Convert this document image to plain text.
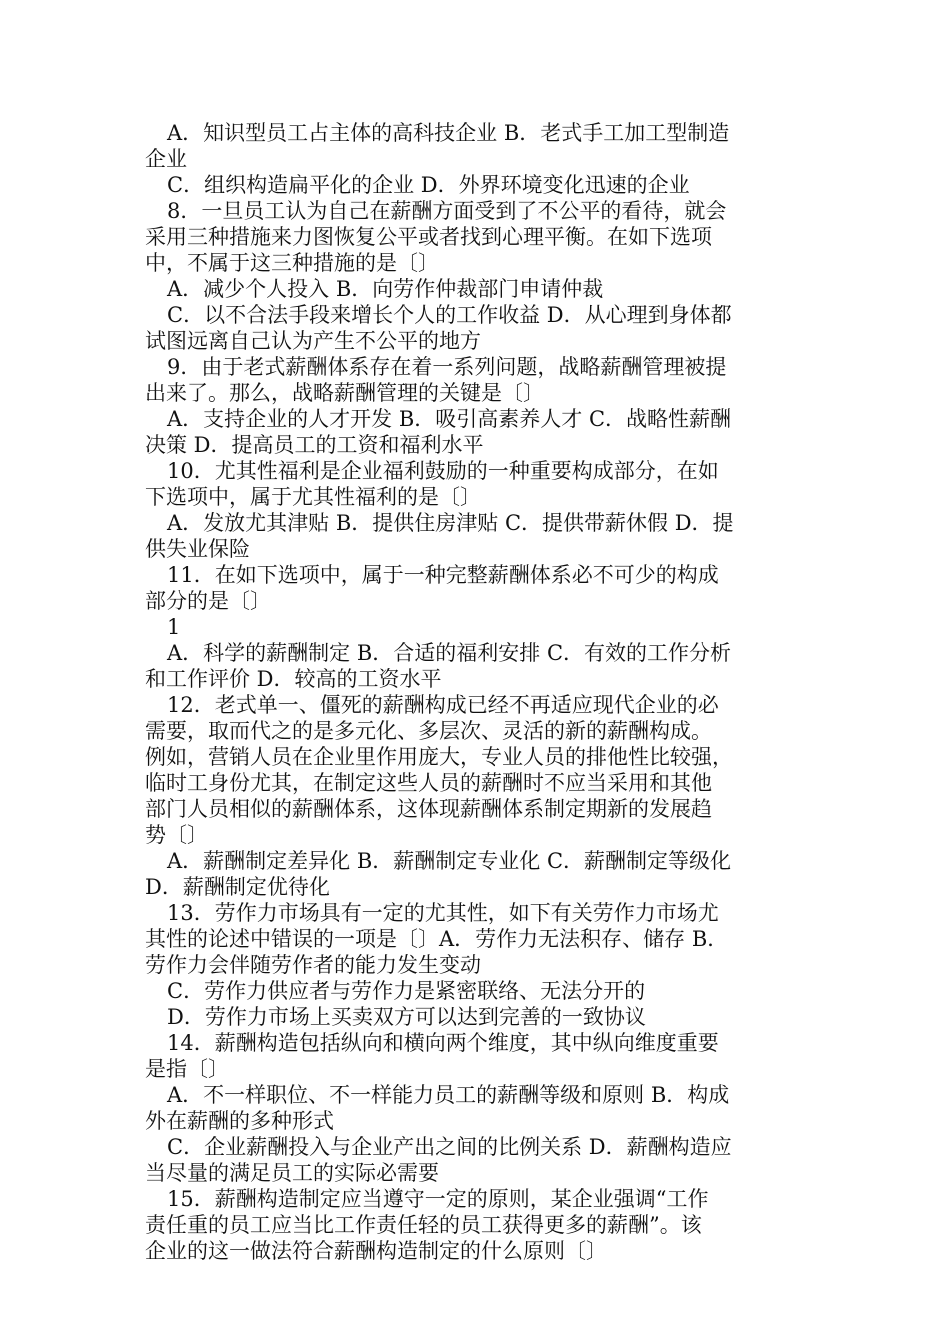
A．知识型员工占主体的高科技企业 B．老式手工加工型制造
企业
C．组织构造扁平化的企业 D．外界环境变化迅速的企业
8．一旦员工认为自己在薪酬方面受到了不公平的看待，就会
采用三种措施来力图恢复公平或者找到心理平衡。在如下选项
中，不属于这三种措施的是〔〕
A．减少个人投入 B．向劳作仲裁部门申请仲裁
C．以不合法手段来增长个人的工作收益 D．从心理到身体都
试图远离自己认为产生不公平的地方
9．由于老式薪酬体系存在着一系列问题，战略薪酬管理被提
出来了。那么，战略薪酬管理的关键是〔〕
A．支持企业的人才开发 B．吸引高素养人才 C．战略性薪酬
决策 D．提高员工的工资和福利水平
10．尤其性福利是企业福利鼓励的一种重要构成部分，在如
下选项中，属于尤其性福利的是〔〕
A．发放尤其津贴 B．提供住房津贴 C．提供带薪休假 D．提
供失业保险
11．在如下选项中，属于一种完整薪酬体系必不可少的构成
部分的是〔〕
1
A．科学的薪酬制定 B．合适的福利安排 C．有效的工作分析
和工作评价 D．较高的工资水平
12．老式单一、僵死的薪酬构成已经不再适应现代企业的必
需要，取而代之的是多元化、多层次、灵活的新的薪酬构成。
例如，营销人员在企业里作用庞大，专业人员的排他性比较强，
临时工身份尤其，在制定这些人员的薪酬时不应当采用和其他
部门人员相似的薪酬体系，这体现薪酬体系制定期新的发展趋
势〔〕
A．薪酬制定差异化 B．薪酬制定专业化 C．薪酬制定等级化
D．薪酬制定优待化
13．劳作力市场具有一定的尤其性，如下有关劳作力市场尤
其性的论述中错误的一项是〔〕A．劳作力无法积存、储存 B．
劳作力会伴随劳作者的能力发生变动
C．劳作力供应者与劳作力是紧密联络、无法分开的
D．劳作力市场上买卖双方可以达到完善的一致协议
14．薪酬构造包括纵向和横向两个维度，其中纵向维度重要
是指〔〕
A．不一样职位、不一样能力员工的薪酬等级和原则 B．构成
外在薪酬的多种形式
C．企业薪酬投入与企业产出之间的比例关系 D．薪酬构造应
当尽量的满足员工的实际必需要
15．薪酬构造制定应当遵守一定的原则，某企业强调“工作
责任重的员工应当比工作责任轻的员工获得更多的薪酬”。该
企业的这一做法符合薪酬构造制定的什么原则〔〕
